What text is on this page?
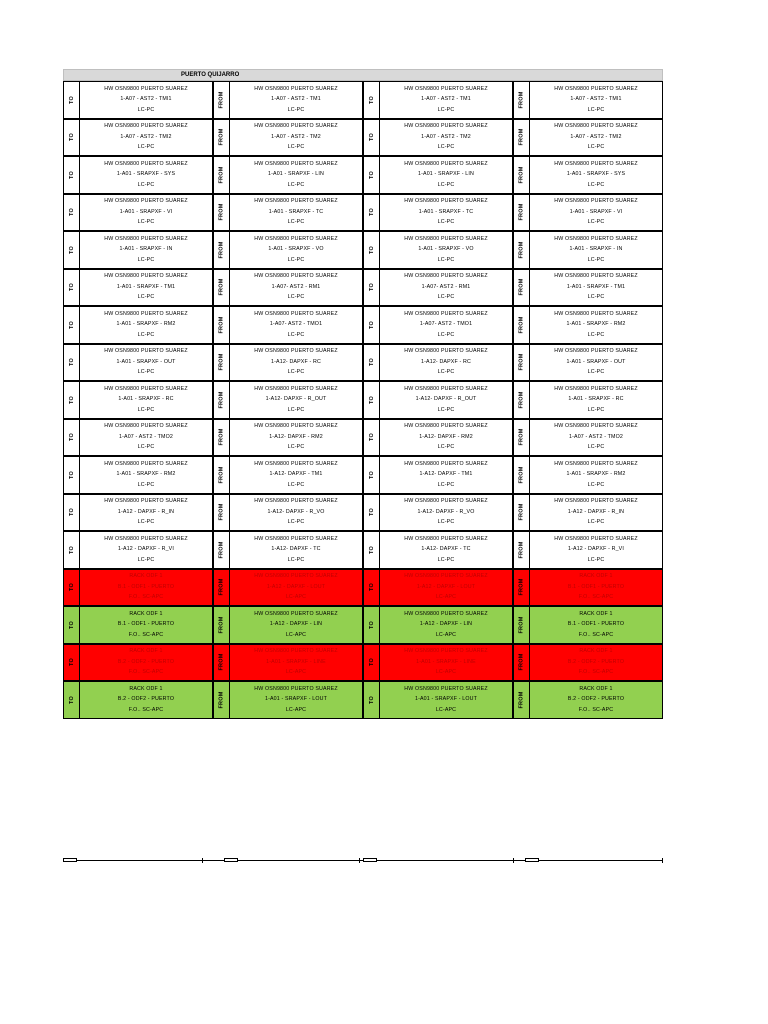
PUERTO QUIJARRO
TO
HW OSN9800 PUERTO SUAREZ
1-A07 - AST2 - TMI1
LC-PC
FROM
HW OSN9800 PUERTO SUAREZ
1-A07 - AST2 - TM1
LC-PC
TO
HW OSN9800 PUERTO SUAREZ
1-A07 - AST2 - TM1
LC-PC
FROM
HW OSN9800 PUERTO SUAREZ
1-A07 - AST2 - TMI1
LC-PC
TO
HW OSN9800 PUERTO SUAREZ
1-A07 - AST2 - TMI2
LC-PC
FROM
HW OSN9800 PUERTO SUAREZ
1-A07 - AST2 - TM2
LC-PC
TO
HW OSN9800 PUERTO SUAREZ
1-A07 - AST2 - TM2
LC-PC
FROM
HW OSN9800 PUERTO SUAREZ
1-A07 - AST2 - TMI2
LC-PC
TO
HW OSN9800 PUERTO SUAREZ
1-A01 - SRAPXF - SYS
LC-PC
FROM
HW OSN9800 PUERTO SUAREZ
1-A01 - SRAPXF - LIN
LC-PC
TO
HW OSN9800 PUERTO SUAREZ
1-A01 - SRAPXF - LIN
LC-PC
FROM
HW OSN9800 PUERTO SUAREZ
1-A01 - SRAPXF - SYS
LC-PC
TO
HW OSN9800 PUERTO SUAREZ
1-A01 - SRAPXF - VI
LC-PC
FROM
HW OSN9800 PUERTO SUAREZ
1-A01 - SRAPXF - TC
LC-PC
TO
HW OSN9800 PUERTO SUAREZ
1-A01 - SRAPXF - TC
LC-PC
FROM
HW OSN9800 PUERTO SUAREZ
1-A01 - SRAPXF - VI
LC-PC
TO
HW OSN9800 PUERTO SUAREZ
1-A01 - SRAPXF - IN
LC-PC
FROM
HW OSN9800 PUERTO SUAREZ
1-A01 - SRAPXF - VO
LC-PC
TO
HW OSN9800 PUERTO SUAREZ
1-A01 - SRAPXF - VO
LC-PC
FROM
HW OSN9800 PUERTO SUAREZ
1-A01 - SRAPXF - IN
LC-PC
TO
HW OSN9800 PUERTO SUAREZ
1-A01 - SRAPXF - TM1
LC-PC
FROM
HW OSN9800 PUERTO SUAREZ
1-A07- AST2 - RM1
LC-PC
TO
HW OSN9800 PUERTO SUAREZ
1-A07- AST2 - RM1
LC-PC
FROM
HW OSN9800 PUERTO SUAREZ
1-A01 - SRAPXF - TM1
LC-PC
TO
HW OSN9800 PUERTO SUAREZ
1-A01 - SRAPXF - RM2
LC-PC
FROM
HW OSN9800 PUERTO SUAREZ
1-A07- AST2 - TMO1
LC-PC
TO
HW OSN9800 PUERTO SUAREZ
1-A07- AST2 - TMO1
LC-PC
FROM
HW OSN9800 PUERTO SUAREZ
1-A01 - SRAPXF - RM2
LC-PC
TO
HW OSN9800 PUERTO SUAREZ
1-A01 - SRAPXF - OUT
LC-PC
FROM
HW OSN9800 PUERTO SUAREZ
1-A12- DAPXF - RC
LC-PC
TO
HW OSN9800 PUERTO SUAREZ
1-A12- DAPXF - RC
LC-PC
FROM
HW OSN9800 PUERTO SUAREZ
1-A01 - SRAPXF - OUT
LC-PC
TO
HW OSN9800 PUERTO SUAREZ
1-A01 - SRAPXF - RC
LC-PC
FROM
HW OSN9800 PUERTO SUAREZ
1-A12- DAPXF - R_OUT
LC-PC
TO
HW OSN9800 PUERTO SUAREZ
1-A12- DAPXF - R_OUT
LC-PC
FROM
HW OSN9800 PUERTO SUAREZ
1-A01 - SRAPXF - RC
LC-PC
TO
HW OSN9800 PUERTO SUAREZ
1-A07 - AST2 - TMO2
LC-PC
FROM
HW OSN9800 PUERTO SUAREZ
1-A12- DAPXF - RM2
LC-PC
TO
HW OSN9800 PUERTO SUAREZ
1-A12- DAPXF - RM2
LC-PC
FROM
HW OSN9800 PUERTO SUAREZ
1-A07 - AST2 - TMO2
LC-PC
TO
HW OSN9800 PUERTO SUAREZ
1-A01 - SRAPXF - RM2
LC-PC
FROM
HW OSN9800 PUERTO SUAREZ
1-A12- DAPXF - TM1
LC-PC
TO
HW OSN9800 PUERTO SUAREZ
1-A12- DAPXF - TM1
LC-PC
FROM
HW OSN9800 PUERTO SUAREZ
1-A01 - SRAPXF - RM2
LC-PC
TO
HW OSN9800 PUERTO SUAREZ
1-A12 - DAPXF - R_IN
LC-PC
FROM
HW OSN9800 PUERTO SUAREZ
1-A12- DAPXF - R_VO
LC-PC
TO
HW OSN9800 PUERTO SUAREZ
1-A12- DAPXF - R_VO
LC-PC
FROM
HW OSN9800 PUERTO SUAREZ
1-A12 - DAPXF - R_IN
LC-PC
TO
HW OSN9800 PUERTO SUAREZ
1-A12 - DAPXF - R_VI
LC-PC
FROM
HW OSN9800 PUERTO SUAREZ
1-A12- DAPXF - TC
LC-PC
TO
HW OSN9800 PUERTO SUAREZ
1-A12- DAPXF - TC
LC-PC
FROM
HW OSN9800 PUERTO SUAREZ
1-A12 - DAPXF - R_VI
LC-PC
TO
RACK ODF 1
B.1 - ODF1 - PUERTO
F.O.. SC-APC
FROM
HW OSN9800 PUERTO SUAREZ
1-A12 - DAPXF - LOUT
LC-APC
TO
HW OSN9800 PUERTO SUAREZ
1-A12 - DAPXF - LOUT
LC-APC
FROM
RACK ODF 1
B.1 - ODF1 - PUERTO
F.O.. SC-APC
TO
RACK ODF 1
B.1 - ODF1 - PUERTO
F.O.. SC-APC
FROM
HW OSN9800 PUERTO SUAREZ
1-A12 - DAPXF - LIN
LC-APC
TO
HW OSN9800 PUERTO SUAREZ
1-A12 - DAPXF - LIN
LC-APC
FROM
RACK ODF 1
B.1 - ODF1 - PUERTO
F.O.. SC-APC
TO
RACK ODF 1
B.2 - ODF2 - PUERTO
F.O.. SC-APC
FROM
HW OSN9800 PUERTO SUAREZ
1-A01 - SRAPXF - LINE
LC-APC
TO
HW OSN9800 PUERTO SUAREZ
1-A01 - SRAPXF - LINE
LC-APC
FROM
RACK ODF 1
B.2 - ODF2 - PUERTO
F.O.. SC-APC
TO
RACK ODF 1
B.2 - ODF2 - PUERTO
F.O.. SC-APC
FROM
HW OSN9800 PUERTO SUAREZ
1-A01 - SRAPXF - LOUT
LC-APC
TO
HW OSN9800 PUERTO SUAREZ
1-A01 - SRAPXF - LOUT
LC-APC
FROM
RACK ODF 1
B.2 - ODF2 - PUERTO
F.O.. SC-APC
